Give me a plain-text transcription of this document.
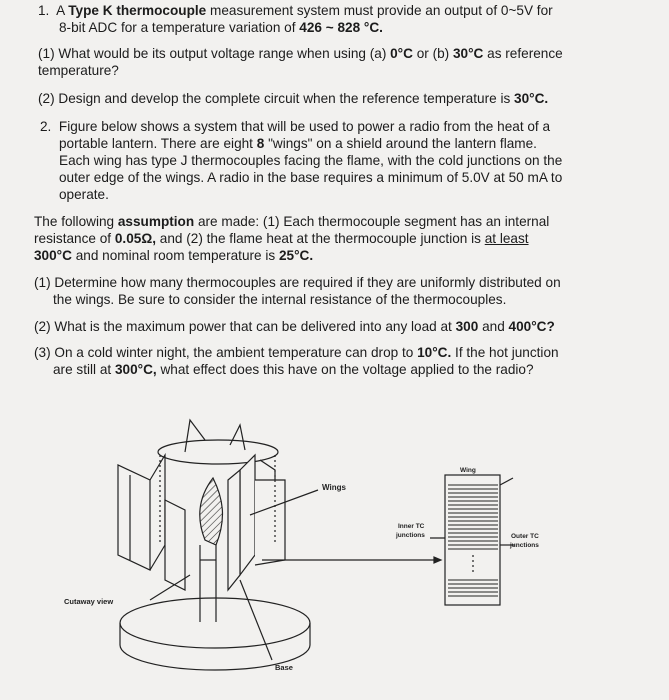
1. A Type K thermocouple measurement system must provide an output of 0~5V for
8-bit ADC for a temperature variation of 426 ~ 828 °C.
(1) What would be its output voltage range when using (a) 0°C or (b) 30°C as reference
temperature?
(2) Design and develop the complete circuit when the reference temperature is 30°C.
2. Figure below shows a system that will be used to power a radio from the heat of a
portable lantern. There are eight 8 "wings" on a shield around the lantern flame.
Each wing has type J thermocouples facing the flame, with the cold junctions on the
outer edge of the wings. A radio in the base requires a minimum of 5.0V at 50 mA to
operate.
The following assumption are made: (1) Each thermocouple segment has an internal
resistance of 0.05Ω, and (2) the flame heat at the thermocouple junction is at least
300°C and nominal room temperature is 25°C.
(1) Determine how many thermocouples are required if they are uniformly distributed on
the wings. Be sure to consider the internal resistance of the thermocouples.
(2) What is the maximum power that can be delivered into any load at 300 and 400°C?
(3) On a cold winter night, the ambient temperature can drop to 10°C. If the hot junction
are still at 300°C, what effect does this have on the voltage applied to the radio?
Wings
Wing
Inner TC
junctions	Outer TC
junctions
Cutaway view
Base
